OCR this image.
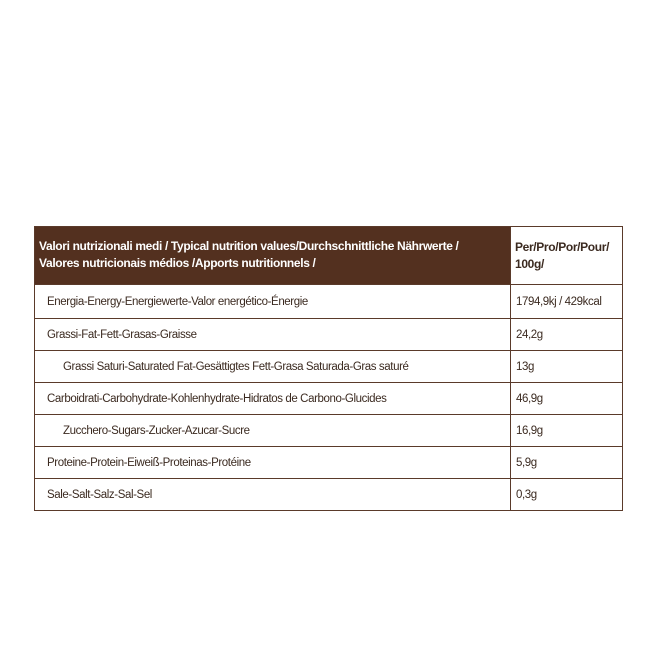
Valori nutrizionali medi / Typical nutrition values/Durchschnittliche Nährwerte /
Valores nutricionais médios /Apports nutritionnels /	Per/Pro/Por/Pour/
100g/

Energia-Energy-Energiewerte-Valor energético-Énergie	1794,9kj / 429kcal
Grassi-Fat-Fett-Grasas-Graisse	24,2g
Grassi Saturi-Saturated Fat-Gesättigtes Fett-Grasa Saturada-Gras saturé	13g
Carboidrati-Carbohydrate-Kohlenhydrate-Hidratos de Carbono-Glucides	46,9g
Zucchero-Sugars-Zucker-Azucar-Sucre	16,9g
Proteine-Protein-Eiweiß-Proteinas-Protéine	5,9g
Sale-Salt-Salz-Sal-Sel	0,3g
